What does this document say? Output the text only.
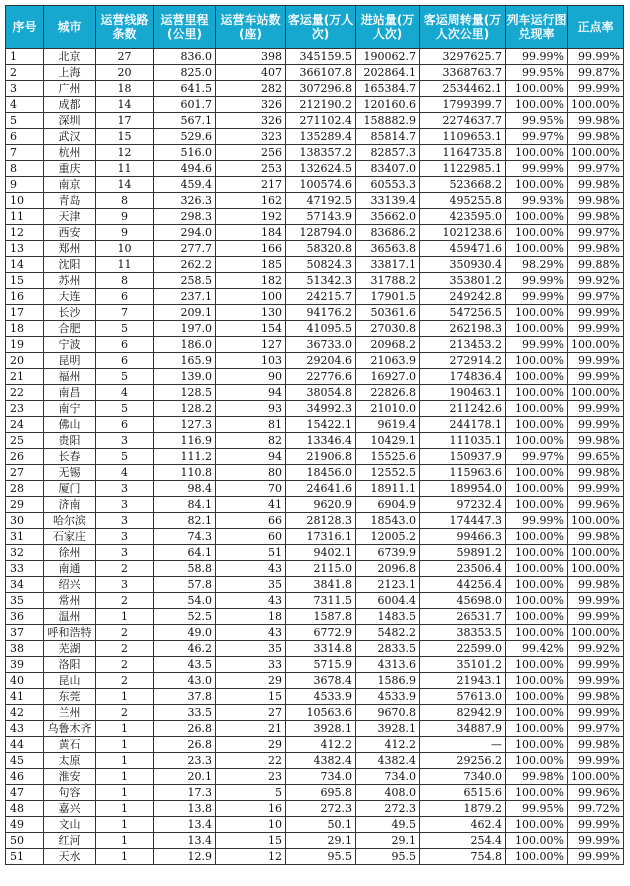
序号	城市	运营线路条数	运营里程(公里)	运营车站数(座)	客运量(万人次)	进站量(万人次)	客运周转量(万人次公里)	列车运行图兑现率	正点率
1	北京	27	836.0	398	345159.5	190062.7	3297625.7	99.99%	99.99%
2	上海	20	825.0	407	366107.8	202864.1	3368763.7	99.95%	99.87%
3	广州	18	641.5	282	307296.8	165384.7	2534462.1	100.00%	99.99%
4	成都	14	601.7	326	212190.2	120160.6	1799399.7	100.00%	100.00%
5	深圳	17	567.1	326	271102.4	158882.9	2274637.7	99.95%	99.98%
6	武汉	15	529.6	323	135289.4	85814.7	1109653.1	99.97%	99.98%
7	杭州	12	516.0	256	138357.2	82857.3	1164735.8	100.00%	100.00%
8	重庆	11	494.6	253	132624.5	83407.0	1122985.1	99.99%	99.97%
9	南京	14	459.4	217	100574.6	60553.3	523668.2	100.00%	99.98%
10	青岛	8	326.3	162	47192.5	33139.4	495255.8	99.93%	99.98%
11	天津	9	298.3	192	57143.9	35662.0	423595.0	100.00%	99.98%
12	西安	9	294.0	184	128794.0	83686.2	1021238.6	100.00%	99.97%
13	郑州	10	277.7	166	58320.8	36563.8	459471.6	100.00%	99.98%
14	沈阳	11	262.2	185	50824.3	33817.1	350930.4	98.29%	99.88%
15	苏州	8	258.5	182	51342.3	31788.2	353801.2	99.99%	99.92%
16	大连	6	237.1	100	24215.7	17901.5	249242.8	99.99%	99.97%
17	长沙	7	209.1	130	94176.2	50361.6	547256.5	100.00%	99.99%
18	合肥	5	197.0	154	41095.5	27030.8	262198.3	100.00%	99.99%
19	宁波	6	186.0	127	36733.0	20968.2	213453.2	99.99%	100.00%
20	昆明	6	165.9	103	29204.6	21063.9	272914.2	100.00%	99.99%
21	福州	5	139.0	90	22776.6	16927.0	174836.4	100.00%	99.99%
22	南昌	4	128.5	94	38054.8	22826.8	190463.1	100.00%	100.00%
23	南宁	5	128.2	93	34992.3	21010.0	211242.6	100.00%	99.99%
24	佛山	6	127.3	81	15422.1	9619.4	244178.1	100.00%	99.99%
25	贵阳	3	116.9	82	13346.4	10429.1	111035.1	100.00%	99.98%
26	长春	5	111.2	94	21906.8	15525.6	150937.9	99.97%	99.65%
27	无锡	4	110.8	80	18456.0	12552.5	115963.6	100.00%	99.98%
28	厦门	3	98.4	70	24641.6	18911.1	189954.0	100.00%	99.99%
29	济南	3	84.1	41	9620.9	6904.9	97232.4	100.00%	99.96%
30	哈尔滨	3	82.1	66	28128.3	18543.0	174447.3	99.99%	100.00%
31	石家庄	3	74.3	60	17316.1	12005.2	99466.3	100.00%	99.98%
32	徐州	3	64.1	51	9402.1	6739.9	59891.2	100.00%	100.00%
33	南通	2	58.8	43	2115.0	2096.8	23506.4	100.00%	100.00%
34	绍兴	3	57.8	35	3841.8	2123.1	44256.4	100.00%	99.98%
35	常州	2	54.0	43	7311.5	6004.4	45698.0	100.00%	99.99%
36	温州	1	52.5	18	1587.8	1483.5	26531.7	100.00%	99.99%
37	呼和浩特	2	49.0	43	6772.9	5482.2	38353.5	100.00%	100.00%
38	芜湖	2	46.2	35	3314.8	2833.5	22599.0	99.42%	99.92%
39	洛阳	2	43.5	33	5715.9	4313.6	35101.2	100.00%	99.99%
40	昆山	2	43.0	29	3678.4	1586.9	21943.1	100.00%	99.99%
41	东莞	1	37.8	15	4533.9	4533.9	57613.0	100.00%	99.98%
42	兰州	2	33.5	27	10563.6	9670.8	82942.9	100.00%	99.99%
43	乌鲁木齐	1	26.8	21	3928.1	3928.1	34887.9	100.00%	99.97%
44	黄石	1	26.8	29	412.2	412.2	—	100.00%	99.98%
45	太原	1	23.3	22	4382.4	4382.4	29256.2	100.00%	99.99%
46	淮安	1	20.1	23	734.0	734.0	7340.0	99.98%	100.00%
47	句容	1	17.3	5	695.8	408.0	6515.6	100.00%	99.96%
48	嘉兴	1	13.8	16	272.3	272.3	1879.2	99.95%	99.72%
49	文山	1	13.4	10	50.1	49.5	462.4	100.00%	99.99%
50	红河	1	13.4	15	29.1	29.1	254.4	100.00%	99.99%
51	天水	1	12.9	12	95.5	95.5	754.8	100.00%	99.99%
